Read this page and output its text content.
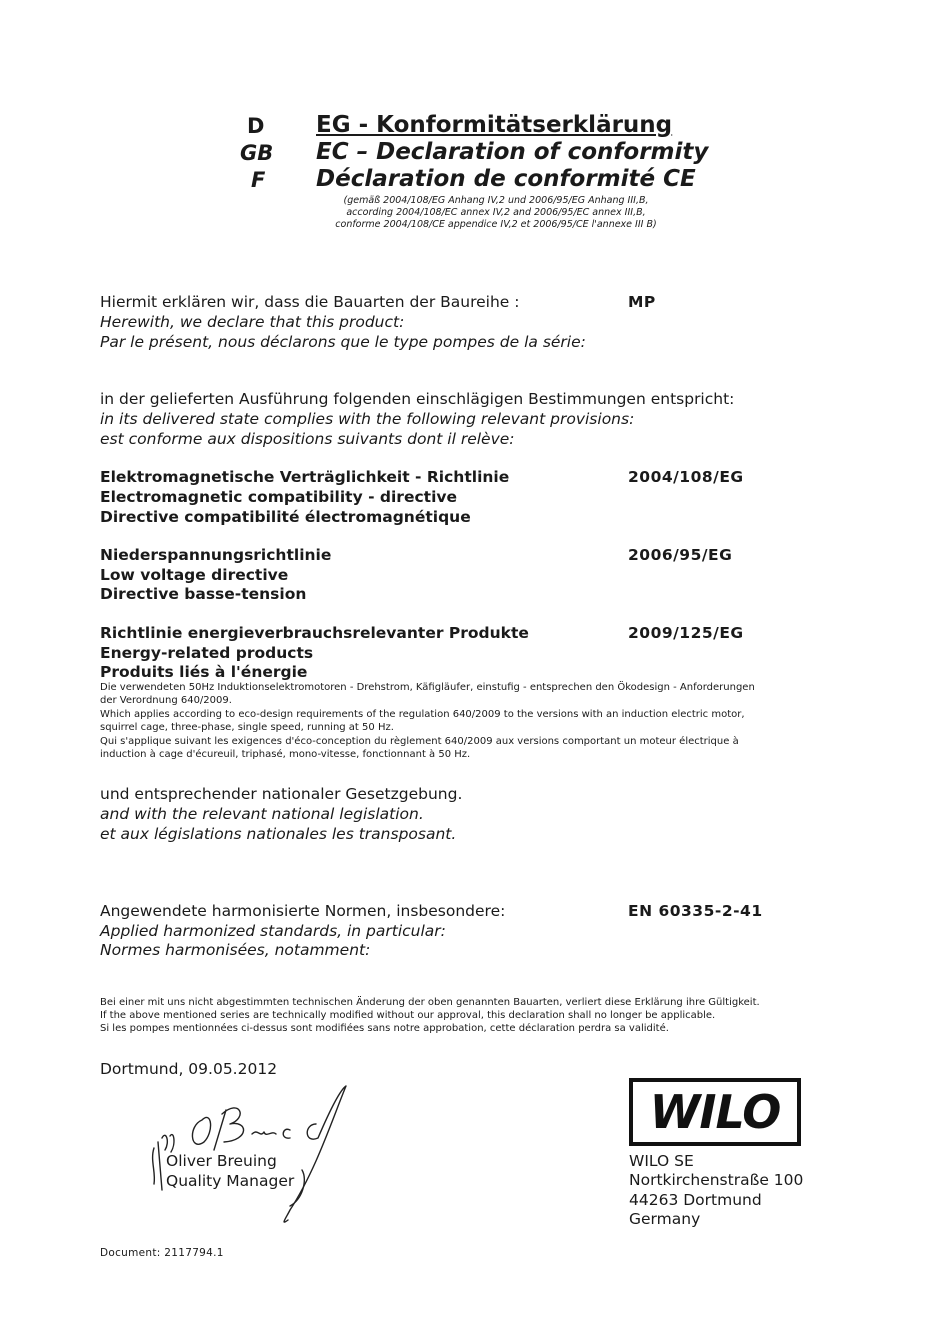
D
GB
F
EG - Konformitätserklärung
EC – Declaration of conformity
Déclaration de conformité CE
(gemäß 2004/108/EG Anhang IV,2 und 2006/95/EG Anhang III,B,
according 2004/108/EC annex IV,2 and 2006/95/EC annex III,B,
conforme 2004/108/CE appendice IV,2 et 2006/95/CE l'annexe III B)
Hiermit erklären wir, dass die Bauarten der Baureihe :
Herewith, we declare that this product:
Par le présent, nous déclarons que le type pompes de la série:
MP
in der gelieferten Ausführung folgenden einschlägigen Bestimmungen entspricht:
in its delivered state complies with the following relevant provisions:
est conforme aux dispositions suivants dont il relève:
Elektromagnetische Verträglichkeit - Richtlinie
Electromagnetic compatibility - directive
Directive compatibilité électromagnétique
2004/108/EG
Niederspannungsrichtlinie
Low voltage directive
Directive basse-tension
2006/95/EG
Richtlinie energieverbrauchsrelevanter Produkte
Energy-related products
Produits liés à l'énergie
2009/125/EG
Die verwendeten 50Hz Induktionselektromotoren - Drehstrom, Käfigläufer, einstufig - entsprechen den Ökodesign - Anforderungen
der Verordnung 640/2009.
Which applies according to eco-design requirements of the regulation 640/2009 to the versions with an induction electric motor,
squirrel cage, three-phase, single speed, running at 50 Hz.
Qui s'applique suivant les exigences d'éco-conception du règlement 640/2009 aux versions comportant un moteur électrique à
induction à cage d'écureuil, triphasé, mono-vitesse, fonctionnant à 50 Hz.
und entsprechender nationaler Gesetzgebung.
and with the relevant national legislation.
et aux législations nationales les transposant.
Angewendete harmonisierte Normen, insbesondere:
Applied harmonized standards, in particular:
Normes harmonisées, notamment:
EN 60335-2-41
Bei einer mit uns nicht abgestimmten technischen Änderung der oben genannten Bauarten, verliert diese Erklärung ihre Gültigkeit.
If the above mentioned series are technically modified without our approval, this declaration shall no longer be applicable.
Si les pompes mentionnées ci-dessus sont modifiées sans notre approbation, cette déclaration perdra sa validité.
Dortmund, 09.05.2012
Oliver Breuing
Quality Manager
WILO
WILO SE
Nortkirchenstraße 100
44263 Dortmund
Germany
Document: 2117794.1
